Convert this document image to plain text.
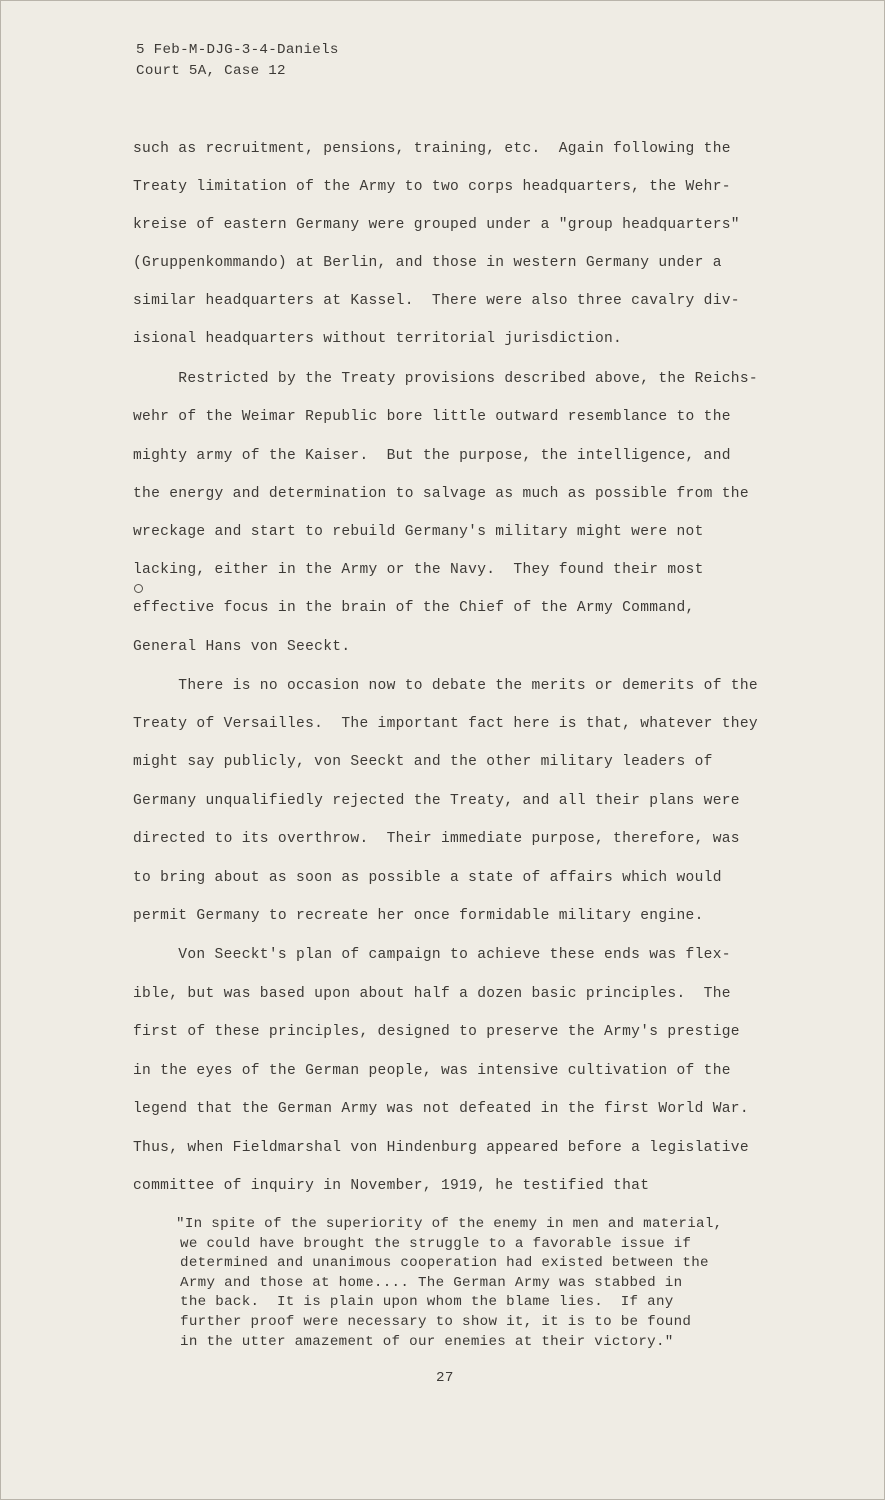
5 Feb-M-DJG-3-4-Daniels
Court 5A, Case 12
such as recruitment, pensions, training, etc.  Again following the
Treaty limitation of the Army to two corps headquarters, the Wehr-
kreise of eastern Germany were grouped under a "group headquarters"
(Gruppenkommando) at Berlin, and those in western Germany under a
similar headquarters at Kassel.  There were also three cavalry div-
isional headquarters without territorial jurisdiction.
Restricted by the Treaty provisions described above, the Reichs-
wehr of the Weimar Republic bore little outward resemblance to the
mighty army of the Kaiser.  But the purpose, the intelligence, and
the energy and determination to salvage as much as possible from the
wreckage and start to rebuild Germany's military might were not
lacking, either in the Army or the Navy.  They found their most
effective focus in the brain of the Chief of the Army Command,
General Hans von Seeckt.
There is no occasion now to debate the merits or demerits of the
Treaty of Versailles.  The important fact here is that, whatever they
might say publicly, von Seeckt and the other military leaders of
Germany unqualifiedly rejected the Treaty, and all their plans were
directed to its overthrow.  Their immediate purpose, therefore, was
to bring about as soon as possible a state of affairs which would
permit Germany to recreate her once formidable military engine.
Von Seeckt's plan of campaign to achieve these ends was flex-
ible, but was based upon about half a dozen basic principles.  The
first of these principles, designed to preserve the Army's prestige
in the eyes of the German people, was intensive cultivation of the
legend that the German Army was not defeated in the first World War.
Thus, when Fieldmarshal von Hindenburg appeared before a legislative
committee of inquiry in November, 1919, he testified that
"In spite of the superiority of the enemy in men and material,
we could have brought the struggle to a favorable issue if
determined and unanimous cooperation had existed between the
Army and those at home.... The German Army was stabbed in
the back.  It is plain upon whom the blame lies.  If any
further proof were necessary to show it, it is to be found
in the utter amazement of our enemies at their victory."
27
